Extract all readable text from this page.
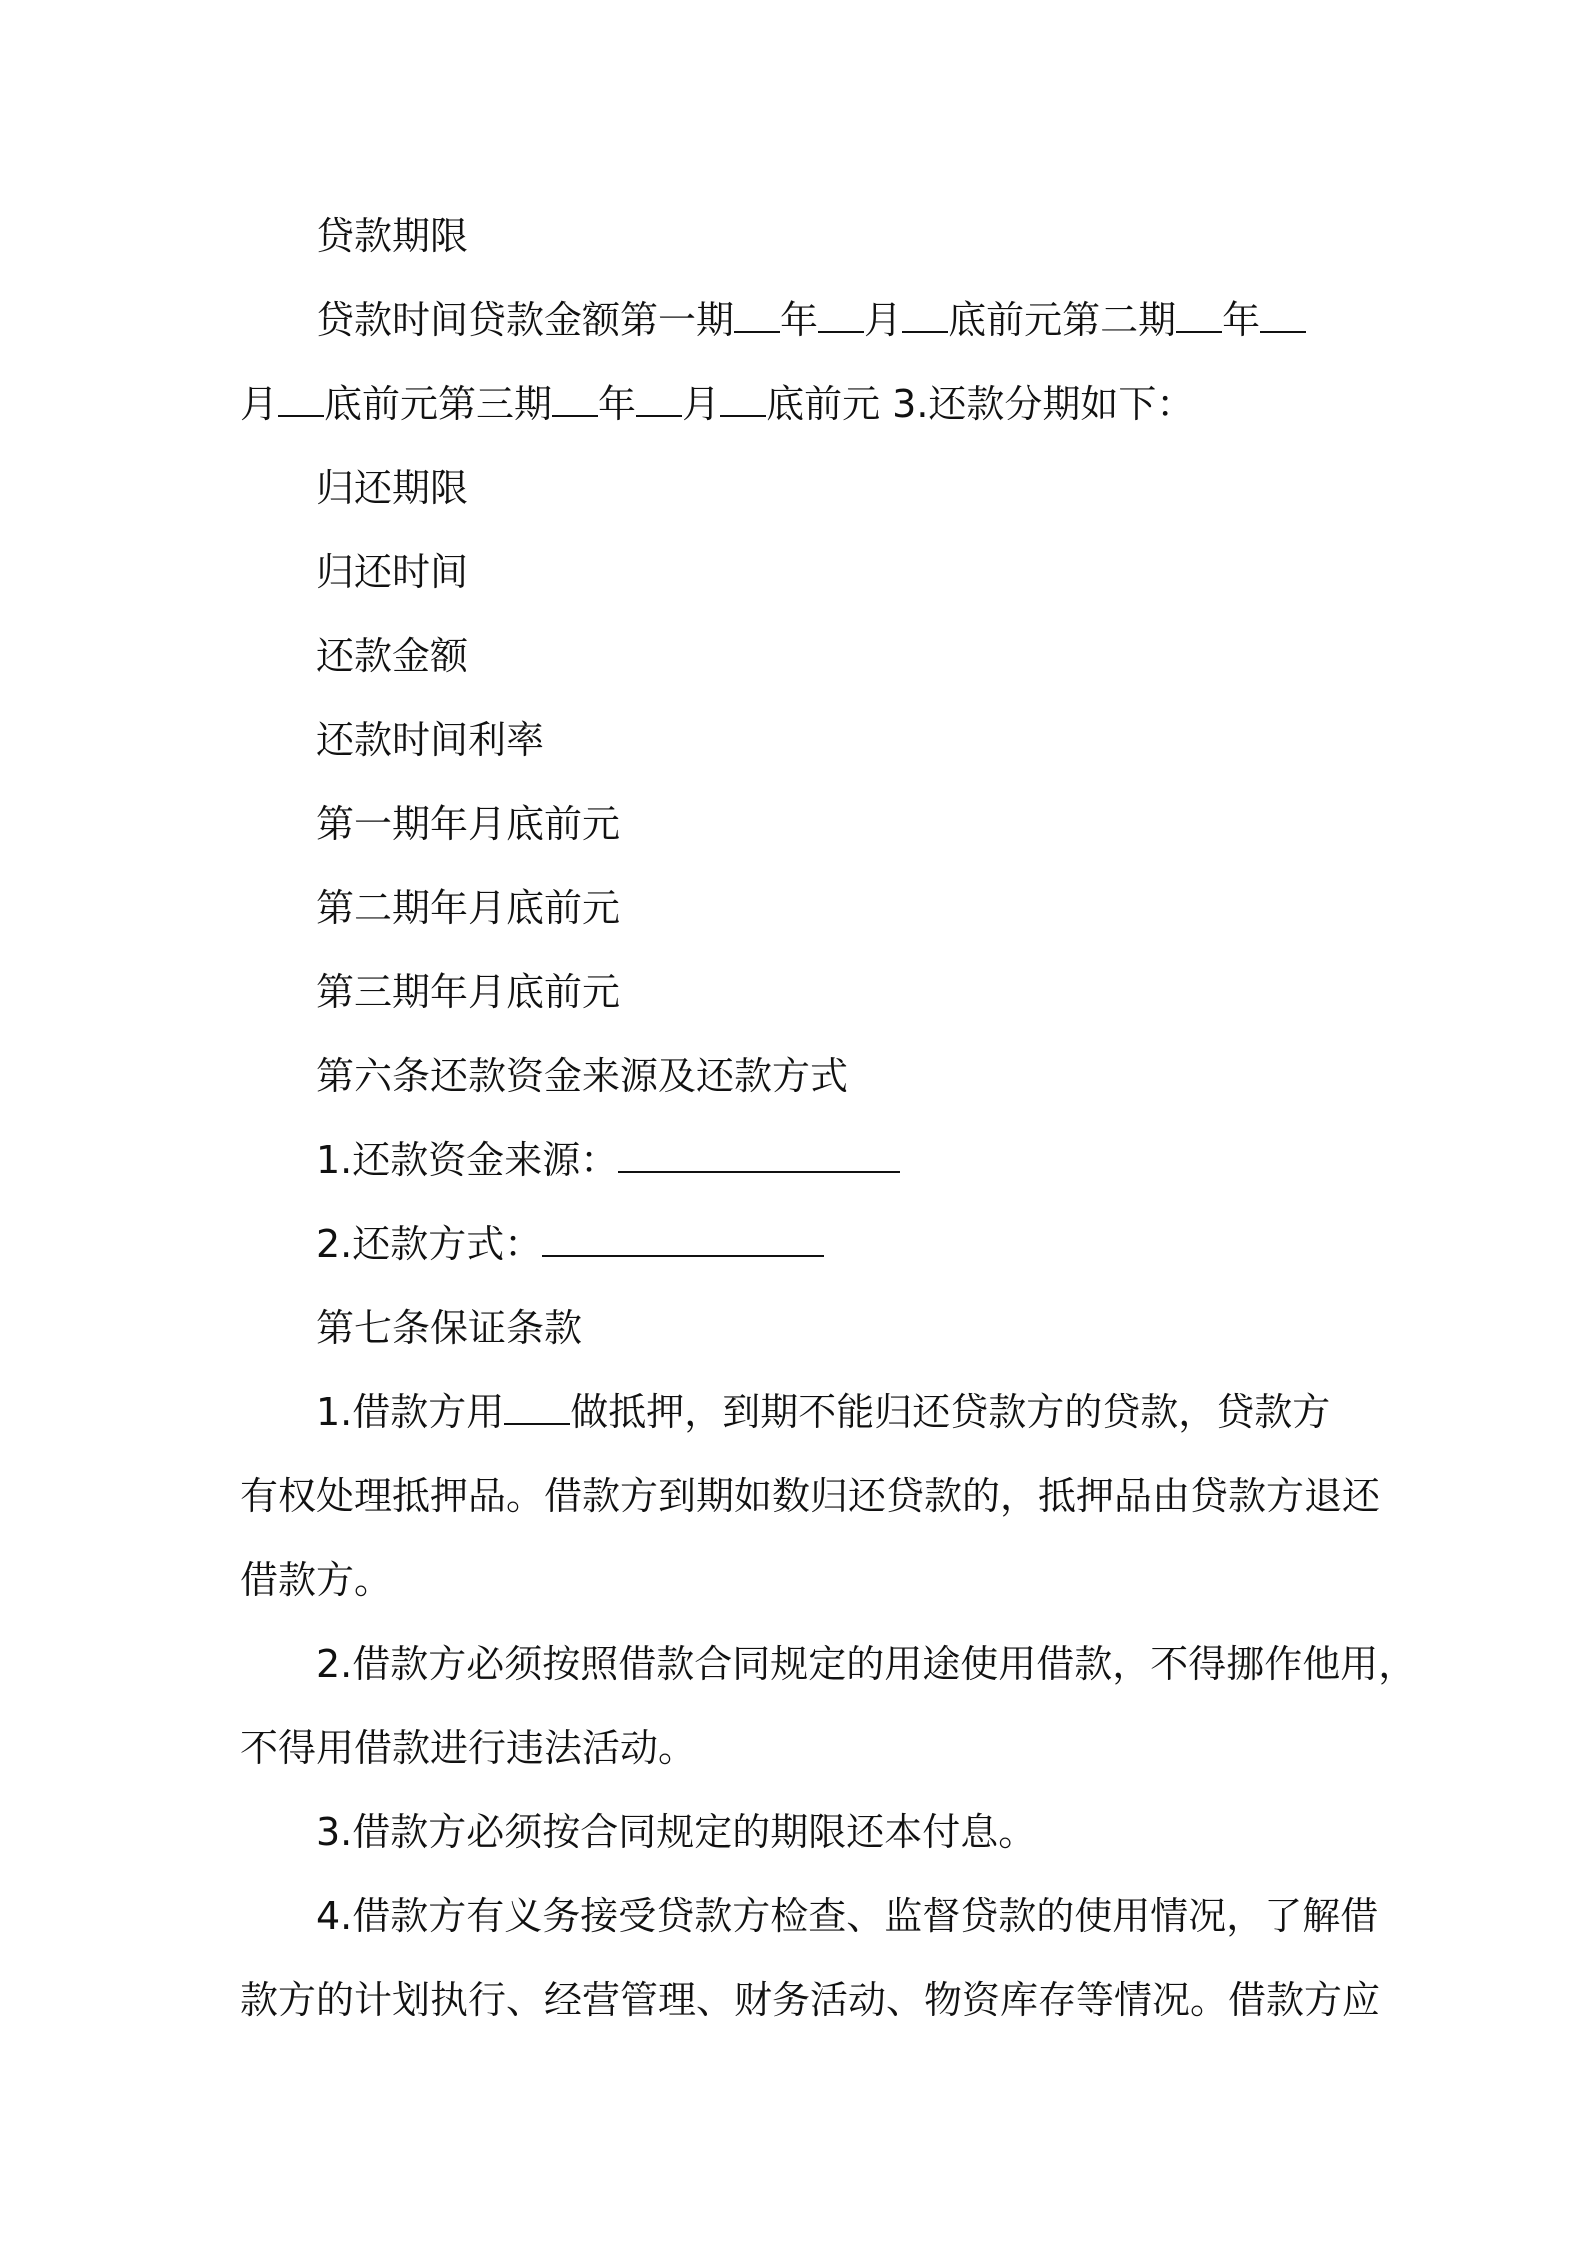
贷款期限

贷款时间贷款金额第一期 年 月 底前元第二期 年

月 底前元第三期 年 月 底前元 3.还款分期如下：

归还期限

归还时间

还款金额

还款时间利率

第一期年月底前元

第二期年月底前元

第三期年月底前元

第六条还款资金来源及还款方式

1.还款资金来源：

2.还款方式：

第七条保证条款

1.借款方用 做抵押，到期不能归还贷款方的贷款，贷款方

有权处理抵押品。借款方到期如数归还贷款的，抵押品由贷款方退还

借款方。

2.借款方必须按照借款合同规定的用途使用借款，不得挪作他用，

不得用借款进行违法活动。

3.借款方必须按合同规定的期限还本付息。

4.借款方有义务接受贷款方检查、监督贷款的使用情况，了解借

款方的计划执行、经营管理、财务活动、物资库存等情况。借款方应
